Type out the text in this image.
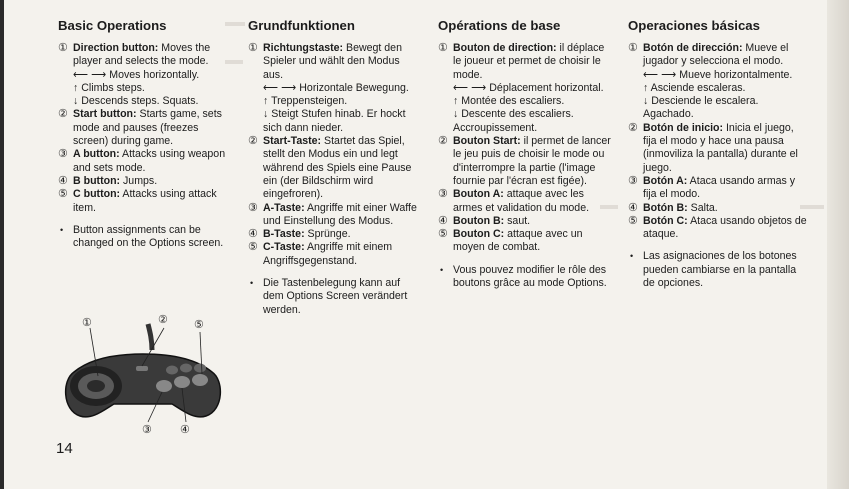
Basic Operations
① Direction button: Moves the player and selects the mode.
⟵ ⟶ Moves horizontally.
↑ Climbs steps.
↓ Descends steps. Squats.
② Start button: Starts game, sets mode and pauses (freezes screen) during game.
③ A button: Attacks using weapon and sets mode.
④ B button: Jumps.
⑤ C button: Attacks using attack item.
• Button assignments can be changed on the Options screen.
Grundfunktionen
① Richtungstaste: Bewegt den Spieler und wählt den Modus aus.
⟵ ⟶ Horizontale Bewegung.
↑ Treppensteigen.
↓ Steigt Stufen hinab. Er hockt sich dann nieder.
② Start-Taste: Startet das Spiel, stellt den Modus ein und legt während des Spiels eine Pause ein (der Bildschirm wird eingefroren).
③ A-Taste: Angriffe mit einer Waffe und Einstellung des Modus.
④ B-Taste: Sprünge.
⑤ C-Taste: Angriffe mit einem Angriffsgegenstand.
• Die Tastenbelegung kann auf dem Options Screen verändert werden.
Opérations de base
① Bouton de direction: il déplace le joueur et permet de choisir le mode.
⟵ ⟶ Déplacement horizontal.
↑ Montée des escaliers.
↓ Descente des escaliers. Accroupissement.
② Bouton Start: il permet de lancer le jeu puis de choisir le mode ou d'interrompre la partie (l'image fournie par l'écran est figée).
③ Bouton A: attaque avec les armes et validation du mode.
④ Bouton B: saut.
⑤ Bouton C: attaque avec un moyen de combat.
• Vous pouvez modifier le rôle des boutons grâce au mode Options.
Operaciones básicas
① Botón de dirección: Mueve el jugador y selecciona el modo.
⟵ ⟶ Mueve horizontalmente.
↑ Asciende escaleras.
↓ Desciende le escalera. Agachado.
② Botón de inicio: Inicia el juego, fija el modo y hace una pausa (inmoviliza la pantalla) durante el juego.
③ Botón A: Ataca usando armas y fija el modo.
④ Botón B: Salta.
⑤ Botón C: Ataca usando objetos de ataque.
• Las asignaciones de los botones pueden cambiarse en la pantalla de opciones.
①	② ⑤
③	④
14
